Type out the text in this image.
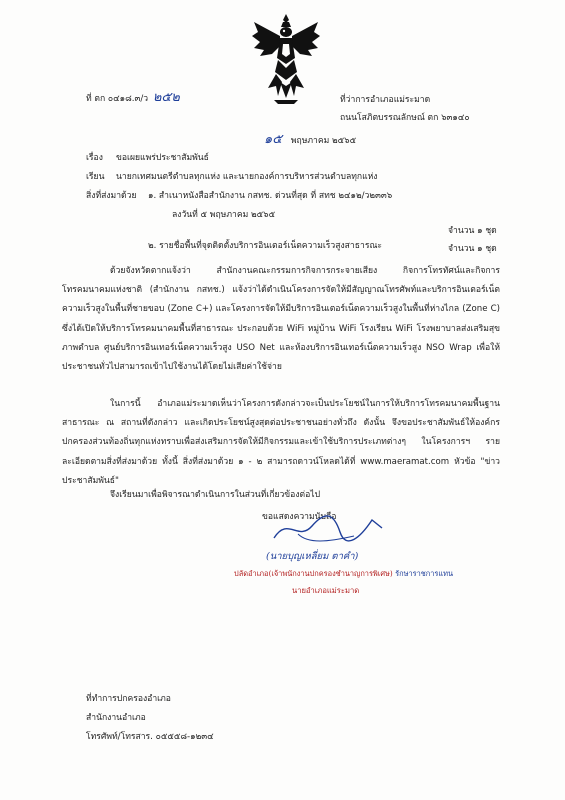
ที่ ตก ๐๔๑๘.๓/ว ๒๕๒	ที่ว่าการอำเภอแม่ระมาด
ถนนโสภิตบรรณลักษณ์ ตก ๖๓๑๔๐
๑๕ พฤษภาคม ๒๕๖๕
เรื่อง ขอเผยแพร่ประชาสัมพันธ์
เรียน นายกเทศมนตรีตำบลทุกแห่ง และนายกองค์การบริหารส่วนตำบลทุกแห่ง
สิ่งที่ส่งมาด้วย ๑. สำเนาหนังสือสำนักงาน กสทช. ด่วนที่สุด ที่ สทช ๒๔๑๒/ว๒๓๓๖
ลงวันที่ ๕ พฤษภาคม ๒๕๖๕
จำนวน ๑ ชุด
๒. รายชื่อพื้นที่จุดติดตั้งบริการอินเตอร์เน็ตความเร็วสูงสาธารณะ	จำนวน ๑ ชุด
ด้วยจังหวัดตากแจ้งว่า สำนักงานคณะกรรมการกิจการกระจายเสียง กิจการโทรทัศน์และกิจการโทรคมนาคมแห่งชาติ (สำนักงาน กสทช.) แจ้งว่าได้ดำเนินโครงการจัดให้มีสัญญาณโทรศัพท์และบริการอินเตอร์เน็ตความเร็วสูงในพื้นที่ชายขอบ (Zone C+) และโครงการจัดให้มีบริการอินเตอร์เน็ตความเร็วสูงในพื้นที่ห่างไกล (Zone C) ซึ่งได้เปิดให้บริการโทรคมนาคมพื้นที่สาธารณะ ประกอบด้วย WiFi หมู่บ้าน WiFi โรงเรียน WiFi โรงพยาบาลส่งเสริมสุขภาพตำบล ศูนย์บริการอินเทอร์เน็ตความเร็วสูง USO Net และห้องบริการอินเทอร์เน็ตความเร็วสูง NSO Wrap เพื่อให้ประชาชนทั่วไปสามารถเข้าไปใช้งานได้โดยไม่เสียค่าใช้จ่าย
ในการนี้ อำเภอแม่ระมาดเห็นว่าโครงการดังกล่าวจะเป็นประโยชน์ในการให้บริการโทรคมนาคมพื้นฐานสาธารณะ ณ สถานที่ดังกล่าว และเกิดประโยชน์สูงสุดต่อประชาชนอย่างทั่วถึง ดังนั้น จึงขอประชาสัมพันธ์ให้องค์กรปกครองส่วนท้องถิ่นทุกแห่งทราบเพื่อส่งเสริมการจัดให้มีกิจกรรมและเข้าใช้บริการประเภทต่างๆ ในโครงการฯ รายละเอียดตามสิ่งที่ส่งมาด้วย ทั้งนี้ สิ่งที่ส่งมาด้วย ๑ - ๒ สามารถดาวน์โหลดได้ที่ www.maeramat.com หัวข้อ "ข่าวประชาสัมพันธ์"
จึงเรียนมาเพื่อพิจารณาดำเนินการในส่วนที่เกี่ยวข้องต่อไป
ขอแสดงความนับถือ
(นายบุญเหลี่ยม ตาคำ)
ปลัดอำเภอ(เจ้าพนักงานปกครองชำนาญการพิเศษ) รักษาราชการแทน
นายอำเภอแม่ระมาด
ที่ทำการปกครองอำเภอ
สำนักงานอำเภอ
โทรศัพท์/โทรสาร. ๐๕๕๕๘-๑๒๓๔
